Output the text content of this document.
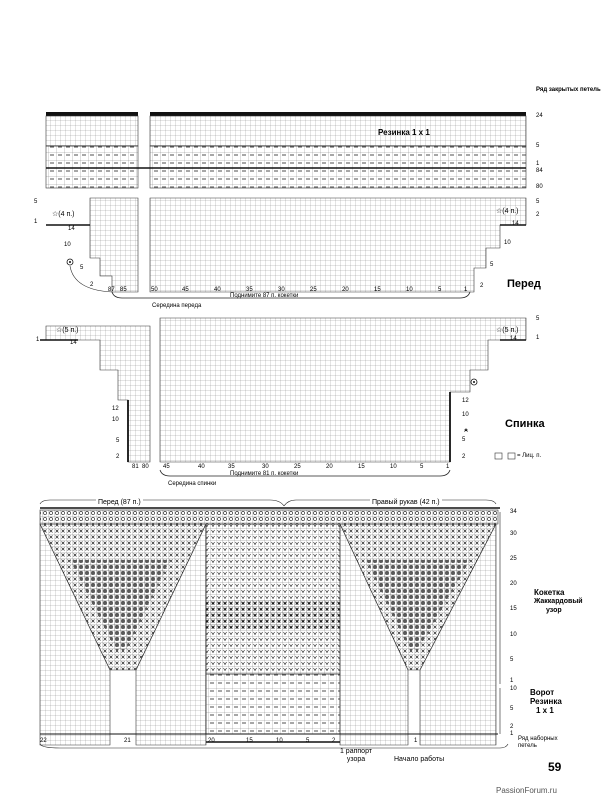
Ряд закрытых петель
Резинка 1 х 1
Перед
☆(4 п.)	☆(4 п.)
Середина переда
Поднимите 87 п. кокетки
24
5
1
84
80
5
2
14
10
5
2
5
1
14
10
5
2
87 85	50	45	40	35	30	25	20	15	10	5	1
Спинка
☆(5 п.)	☆(5 п.)
Середина спинки
Поднимите 81 п. кокетки
= Лиц. п.
5
1
14
12
10
5
2
1	14
12
10
5
2
81 80 45	40	35	30	25	20	15	10	5	1
Перед (87 п.)	Правый рукав (42 п.)
34
30
25
20
15
10
5
1
10
5
2
1
Кокетка
Жаккардовый
узор
Ворот
Резинка
1 х 1
Ряд наборных петель
1 раппорт узора	Начало работы
22	21	20	15	10	5	2	1
59
PassionForum.ru
